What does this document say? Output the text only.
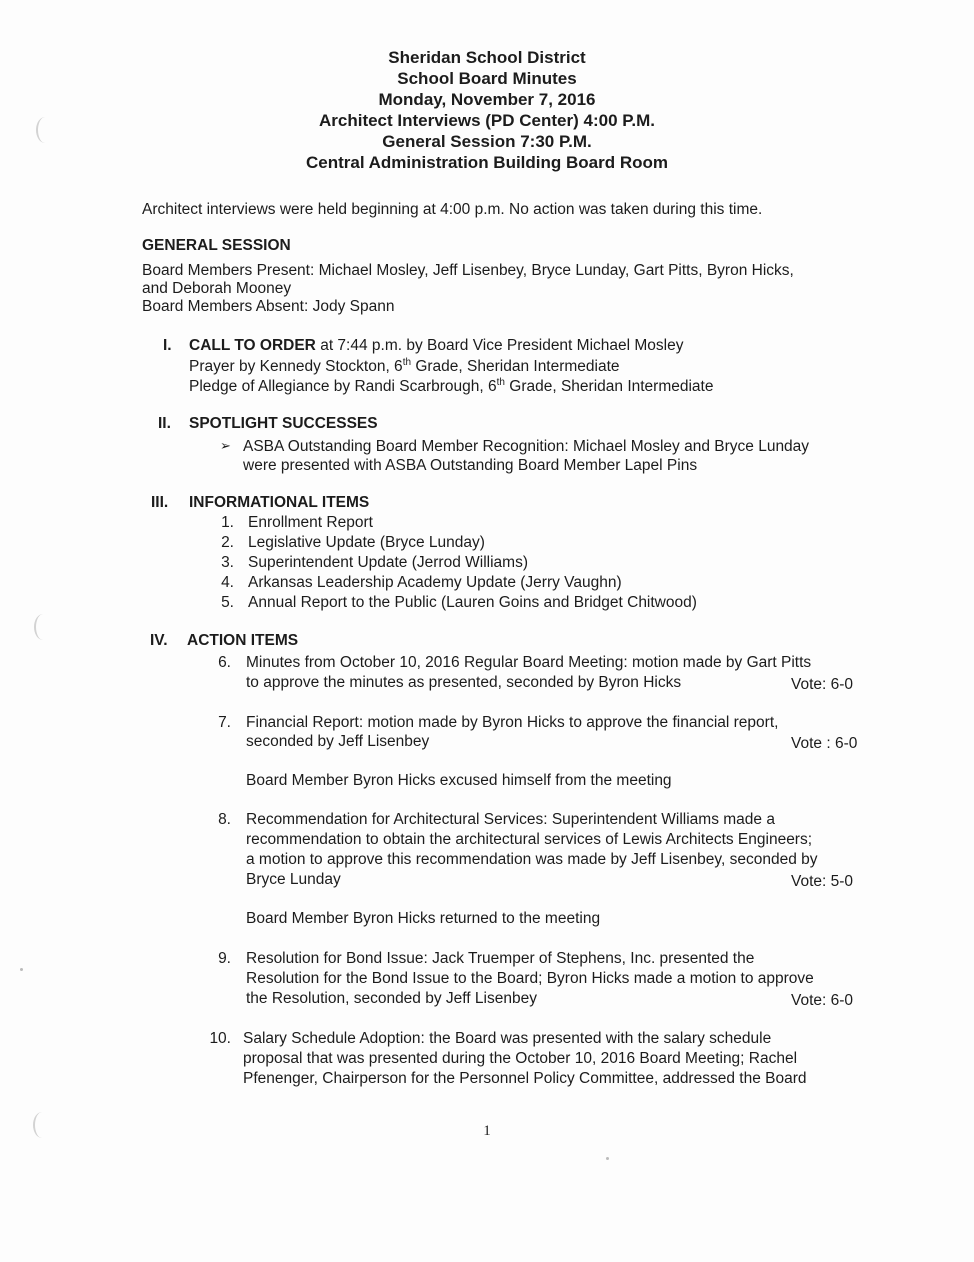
Sheridan School District
School Board Minutes
Monday, November 7, 2016
Architect Interviews (PD Center) 4:00 P.M.
General Session 7:30 P.M.
Central Administration Building Board Room
Architect interviews were held beginning at 4:00 p.m. No action was taken during this time.
GENERAL SESSION
Board Members Present: Michael Mosley, Jeff Lisenbey, Bryce Lunday, Gart Pitts, Byron Hicks,
and Deborah Mooney
Board Members Absent: Jody Spann
I. CALL TO ORDER at 7:44 p.m. by Board Vice President Michael Mosley
Prayer by Kennedy Stockton, 6th Grade, Sheridan Intermediate
Pledge of Allegiance by Randi Scarbrough, 6th Grade, Sheridan Intermediate
II. SPOTLIGHT SUCCESSES
➢ ASBA Outstanding Board Member Recognition: Michael Mosley and Bryce Lunday
were presented with ASBA Outstanding Board Member Lapel Pins
III. INFORMATIONAL ITEMS
1. Enrollment Report
2. Legislative Update (Bryce Lunday)
3. Superintendent Update (Jerrod Williams)
4. Arkansas Leadership Academy Update (Jerry Vaughn)
5. Annual Report to the Public (Lauren Goins and Bridget Chitwood)
IV. ACTION ITEMS
6. Minutes from October 10, 2016 Regular Board Meeting: motion made by Gart Pitts
to approve the minutes as presented, seconded by Byron Hicks	Vote: 6-0
7. Financial Report: motion made by Byron Hicks to approve the financial report,
seconded by Jeff Lisenbey	Vote : 6-0
Board Member Byron Hicks excused himself from the meeting
8. Recommendation for Architectural Services: Superintendent Williams made a
recommendation to obtain the architectural services of Lewis Architects Engineers;
a motion to approve this recommendation was made by Jeff Lisenbey, seconded by
Bryce Lunday	Vote: 5-0
Board Member Byron Hicks returned to the meeting
9. Resolution for Bond Issue: Jack Truemper of Stephens, Inc. presented the
Resolution for the Bond Issue to the Board; Byron Hicks made a motion to approve
the Resolution, seconded by Jeff Lisenbey	Vote: 6-0
10. Salary Schedule Adoption: the Board was presented with the salary schedule
proposal that was presented during the October 10, 2016 Board Meeting; Rachel
Pfenenger, Chairperson for the Personnel Policy Committee, addressed the Board
1
